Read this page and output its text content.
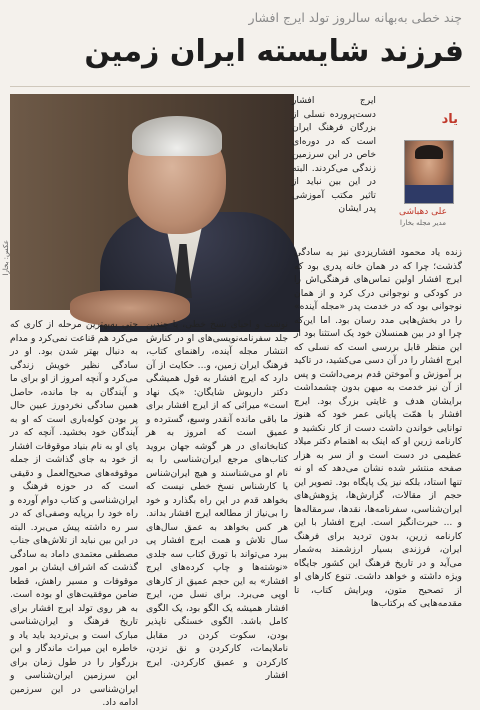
چند خطی به‌بهانه سالروز تولد ایرج افشار
فرزند شایسته ایران زمین
عکس: بخارا
یاد
علی دهباشی
مدیر مجله بخارا

ایرج افشار دست‌پرورده نسلی از بزرگان فرهنگ ایران است که در دوره‌ای خاص در این سرزمین زندگی می‌کردند. البته در این بین نباید از تاثیر مکتب آموزشی پدر ایشان

زنده یاد محمود افشاریزدی نیز به سادگی گذشت؛ چرا که در همان خانه پدری بود که ایرج افشار اولین تماس‌های فرهنگی‌اش را در کودکی و نوجوانی درک کرد و از همان نوجوانی بود که در خدمت پدر «مجله آینده» را در بخش‌هایی مدد رسان بود. اما این‌که چرا او در بین همنسلان خود یک استثنا بود از این منظر قابل بررسی است که نسلی که ایرج افشار را در آن دسی می‌کشید، در تاکید بر آموزش و آموختن قدم برمی‌داشت و پس از آن نیز خدمت به میهن بدون چشمداشت برایشان هدف و غایتی بزرگ بود. ایرج افشار با همّت پایانی عمر خود که هنوز توانایی خواندن داشت دست از کار نکشید و کارنامه زرین او که اینک به اهتمام دکتر میلاد عظیمی در دست است و از سر به هزار صفحه منتشر شده نشان می‌دهد که او نه تنها استاد، بلکه نیز یک پایگاه بود. تصویر این حجم از مقالات، گزارش‌ها، پژوهش‌های ایران‌شناسی، سفرنامه‌ها، نقدها، سرمقاله‌ها و ... حیرت‌انگیز است. ایرج افشار با این کارنامه زرین، بدون تردید برای فرهنگ ایران، فرزندی بسیار ارزشمند به‌شمار می‌آید و در تاریخ فرهنگ این کشور جایگاه ویژه داشته و خواهد داشت. تنوع کارهای او از تصحیح متون، ویرایش کتاب، تا مقدمه‌هایی که برکتاب‌ها

نوشت و احیای نسخ خطی، یا چندین جلد سفرنامه‌نویسی‌های او در کنارش انتشار مجله آینده، راهنمای کتاب، فرهنگ ایران زمین، و... حکایت از آن دارد که ایرج افشار به قول همیشگی دکتر داریوش شایگان: «یک نهاد است» میراثی که از ایرج افشار برای ما باقی مانده آنقدر وسیع، گسترده و عمیق است که امروز به هر کتابخانه‌ای در هر گوشه جهان بروید کتاب‌های مرجع ایران‌شناسی را به نام او می‌شناسند و هیچ ایران‌شناس یا کارشناس نسخ خطی نیست که بخواهد قدم در این راه بگذارد و خود را بی‌نیاز از مطالعه ایرج افشار بداند. هر کس بخواهد به عمق سال‌های سال تلاش و همت ایرج افشار پی ببرد می‌تواند با تورق کتاب سه جلدی «نوشته‌ها و چاپ کرده‌های ایرج افشار» به این حجم عمیق از کارهای اوپی می‌برد. برای نسل من، ایرج افشار همیشه یک الگو بود، یک الگوی کامل باشد. الگوی خستگی ناپذیر بودن، سکوت کردن در مقابل ناملایمات، کارکردن و نق نزدن، کارکردن و عمیق کارکردن. ایرج افشار

حتی به‌بهترین مرحله‌ از کاری که می‌کرد هم قناعت نمی‌کرد و مدام به دنبال بهتر شدن بود. او در سادگی نظیر خویش زندگی می‌کرد و آنچه امروز از او برای ما و آیندگان به جا مانده، حاصل همین سادگی نخردورز عیین حال پر بودن کوله‌باری است که او به آیندگان خود بخشید. آنچه که در پای او به نام بنیاد موقوفات افشار از خود به جای گذاشت از جمله موقوفه‌های صحیح‌العمل و دقیقی است که در حوزه فرهنگ و ایران‌شناسی و کتاب دوام آورده و راه خود را برپایه وصفی‌ای که در سر ره داشته پیش می‌برد. البته در این بین نباید از تلاش‌های جناب مصطفی معتمدی داماد به سادگی گذشت که اشراف ایشان بر امور موقوفات و مسیر راهش، قطعا ضامن موفقیت‌های او بوده است. به هر روی تولد ایرج افشار برای تاریخ فرهنگ و ایران‌شناسی مبارک است و بی‌تردید باید یاد و خاطره این میراث ماندگار و این بزرگوار را در طول زمان برای این سرزمین ایران‌شناسی و ایران‌شناسی در این سرزمین ادامه داد.
